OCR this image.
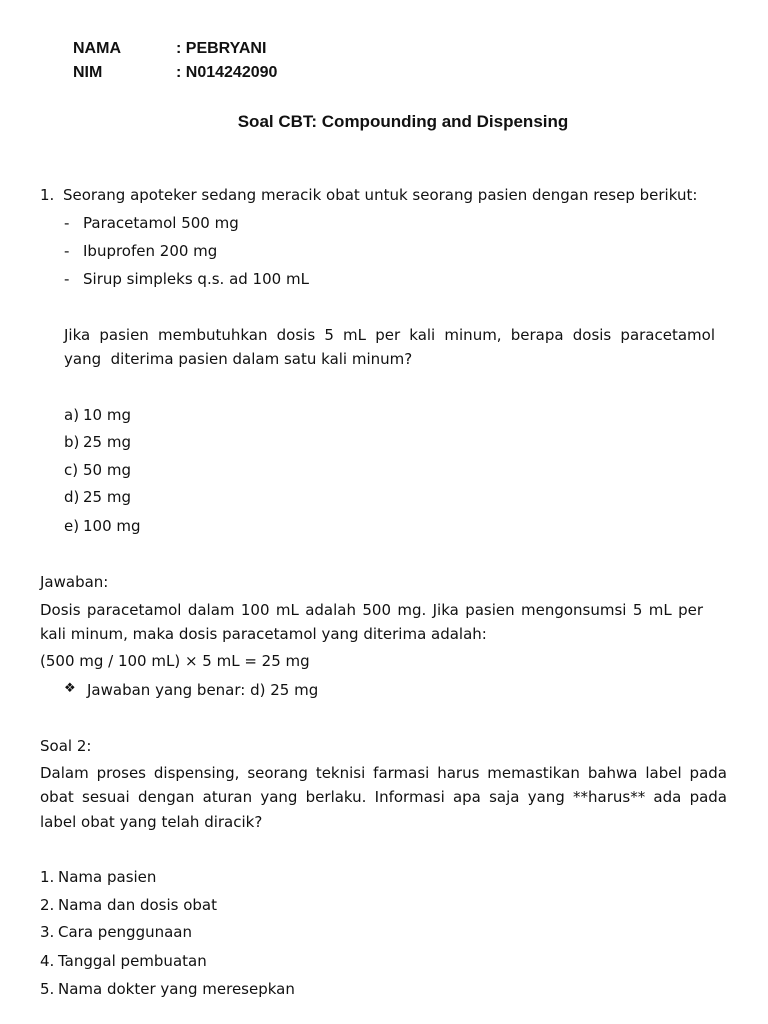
NAMA	: PEBRYANI
NIM	: N014242090
Soal CBT: Compounding and Dispensing
1. Seorang apoteker sedang meracik obat untuk seorang pasien dengan resep berikut:
- Paracetamol 500 mg
- Ibuprofen 200 mg
- Sirup simpleks q.s. ad 100 mL
Jika pasien membutuhkan dosis 5 mL per kali minum, berapa dosis paracetamol
yang  diterima pasien dalam satu kali minum?
a) 10 mg
b) 25 mg
c) 50 mg
d) 25 mg
e) 100 mg
Jawaban:
Dosis paracetamol dalam 100 mL adalah 500 mg. Jika pasien mengonsumsi 5 mL per
kali minum, maka dosis paracetamol yang diterima adalah:
(500 mg / 100 mL) × 5 mL = 25 mg
❖ Jawaban yang benar: d) 25 mg
Soal 2:
Dalam proses dispensing, seorang teknisi farmasi harus memastikan bahwa label pada
obat sesuai dengan aturan yang berlaku. Informasi apa saja yang **harus** ada pada
label obat yang telah diracik?
1. Nama pasien
2. Nama dan dosis obat
3. Cara penggunaan
4. Tanggal pembuatan
5. Nama dokter yang meresepkan
